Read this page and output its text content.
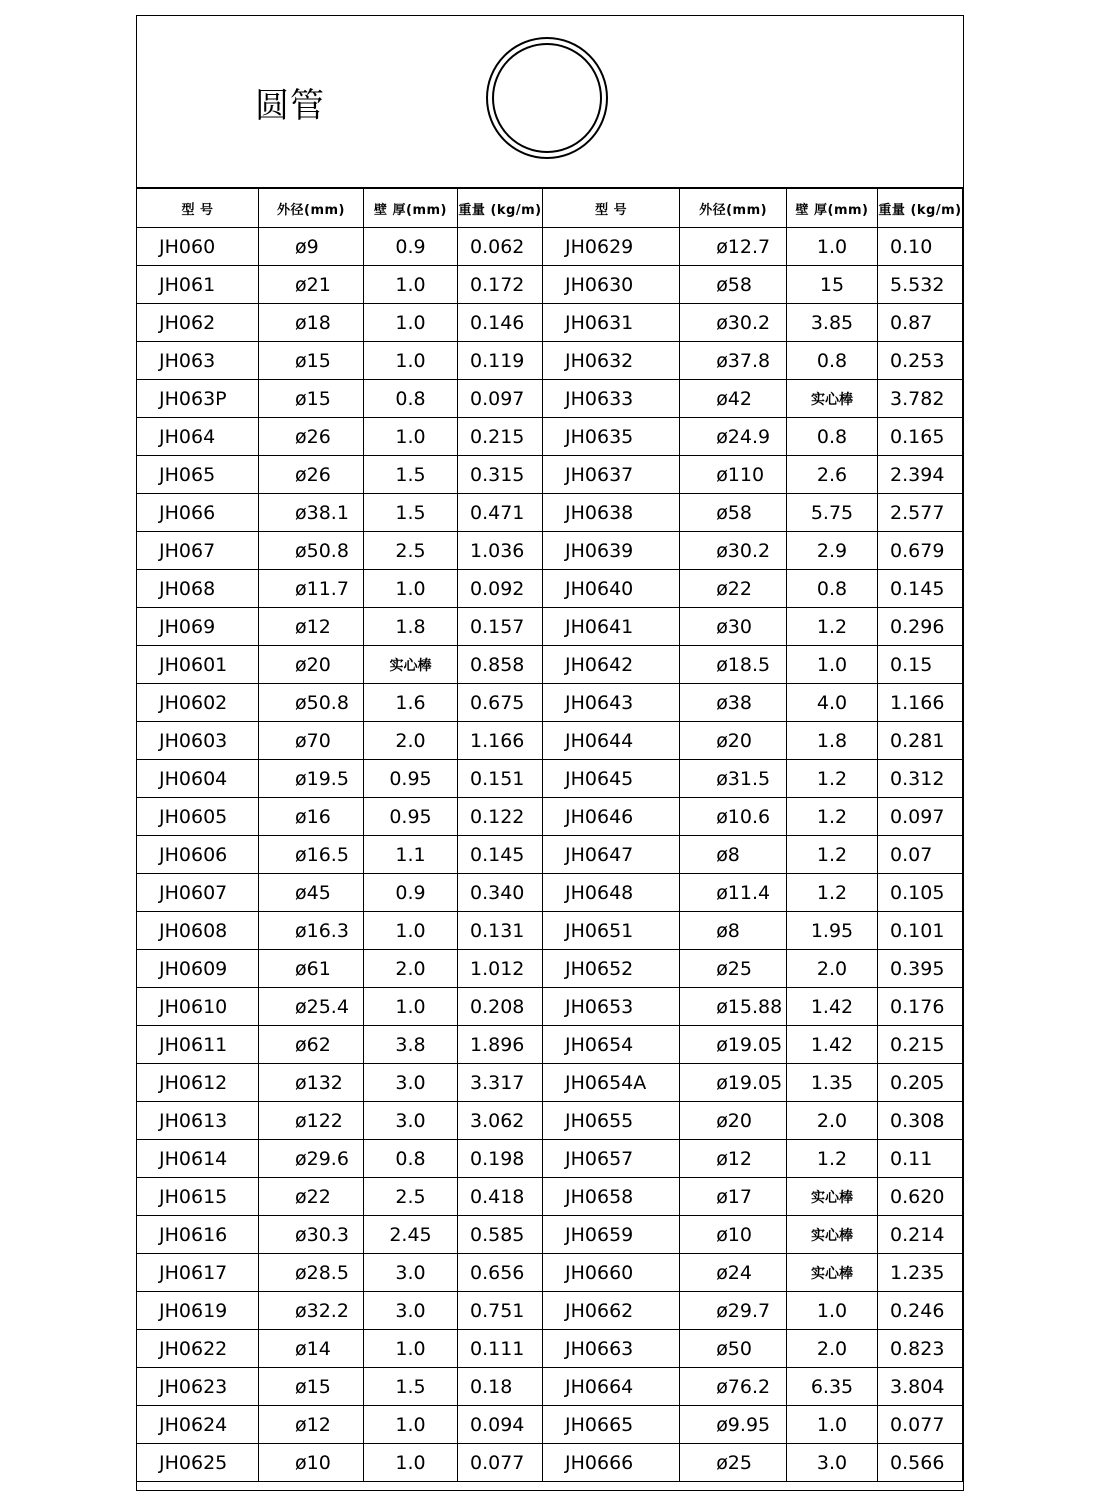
圆管
型 号	外径(mm)	壁 厚(mm)	重量 (kg/m)
JH060	ø9	0.9	0.062
JH061	ø21	1.0	0.172
JH062	ø18	1.0	0.146
JH063	ø15	1.0	0.119
JH063P	ø15	0.8	0.097
JH064	ø26	1.0	0.215
JH065	ø26	1.5	0.315
JH066	ø38.1	1.5	0.471
JH067	ø50.8	2.5	1.036
JH068	ø11.7	1.0	0.092
JH069	ø12	1.8	0.157
JH0601	ø20	实心棒	0.858
JH0602	ø50.8	1.6	0.675
JH0603	ø70	2.0	1.166
JH0604	ø19.5	0.95	0.151
JH0605	ø16	0.95	0.122
JH0606	ø16.5	1.1	0.145
JH0607	ø45	0.9	0.340
JH0608	ø16.3	1.0	0.131
JH0609	ø61	2.0	1.012
JH0610	ø25.4	1.0	0.208
JH0611	ø62	3.8	1.896
JH0612	ø132	3.0	3.317
JH0613	ø122	3.0	3.062
JH0614	ø29.6	0.8	0.198
JH0615	ø22	2.5	0.418
JH0616	ø30.3	2.45	0.585
JH0617	ø28.5	3.0	0.656
JH0619	ø32.2	3.0	0.751
JH0622	ø14	1.0	0.111
JH0623	ø15	1.5	0.18
JH0624	ø12	1.0	0.094
JH0625	ø10	1.0	0.077
型 号	外径(mm)	壁 厚(mm)	重量 (kg/m)
JH0629	ø12.7	1.0	0.10
JH0630	ø58	15	5.532
JH0631	ø30.2	3.85	0.87
JH0632	ø37.8	0.8	0.253
JH0633	ø42	实心棒	3.782
JH0635	ø24.9	0.8	0.165
JH0637	ø110	2.6	2.394
JH0638	ø58	5.75	2.577
JH0639	ø30.2	2.9	0.679
JH0640	ø22	0.8	0.145
JH0641	ø30	1.2	0.296
JH0642	ø18.5	1.0	0.15
JH0643	ø38	4.0	1.166
JH0644	ø20	1.8	0.281
JH0645	ø31.5	1.2	0.312
JH0646	ø10.6	1.2	0.097
JH0647	ø8	1.2	0.07
JH0648	ø11.4	1.2	0.105
JH0651	ø8	1.95	0.101
JH0652	ø25	2.0	0.395
JH0653	ø15.88	1.42	0.176
JH0654	ø19.05	1.42	0.215
JH0654A	ø19.05	1.35	0.205
JH0655	ø20	2.0	0.308
JH0657	ø12	1.2	0.11
JH0658	ø17	实心棒	0.620
JH0659	ø10	实心棒	0.214
JH0660	ø24	实心棒	1.235
JH0662	ø29.7	1.0	0.246
JH0663	ø50	2.0	0.823
JH0664	ø76.2	6.35	3.804
JH0665	ø9.95	1.0	0.077
JH0666	ø25	3.0	0.566
